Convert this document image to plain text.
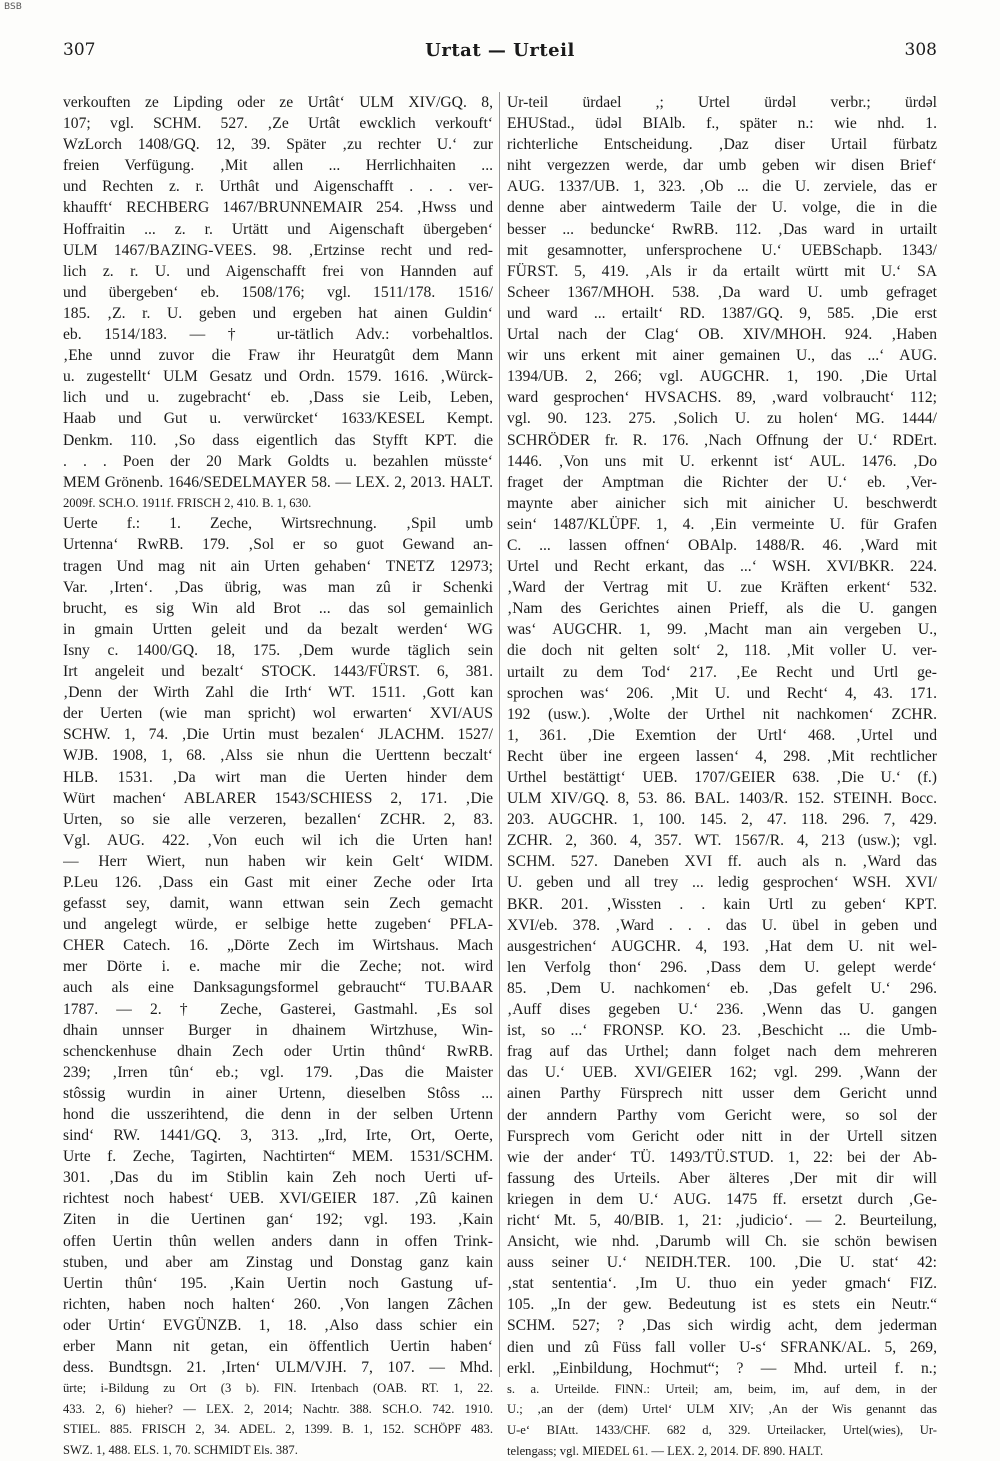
BSB
307	Urtat — Urteil	308
verkouften ze Lipding oder ze Urtât‘ ULM XIV/GQ. 8,
107; vgl. SCHM. 527. ‚Ze Urtât ewcklich verkouft‘
WzLorch 1408/GQ. 12, 39. Später ‚zu rechter U.‘ zur
freien Verfügung. ‚Mit allen ... Herrlichhaiten ...
und Rechten z. r. Urthât und Aigenschafft . . . ver-
khaufft‘ RECHBERG 1467/BRUNNEMAIR 254. ‚Hwss und
Hoffraitin ... z. r. Urtätt und Aigenschaft übergeben‘
ULM 1467/BAZING-VEES. 98. ‚Ertzinse recht und red-
lich z. r. U. und Aigenschafft frei von Hannden auf
und übergeben‘ eb. 1508/176; vgl. 1511/178. 1516/
185. ‚Z. r. U. geben und ergeben hat ainen Guldin‘
eb. 1514/183. — † ur-tätlich Adv.: vorbehaltlos.
‚Ehe unnd zuvor die Fraw ihr Heuratgût dem Mann
u. zugestellt‘ ULM Gesatz und Ordn. 1579. 1616. ‚Würck-
lich und u. zugebracht‘ eb. ‚Dass sie Leib, Leben,
Haab und Gut u. verwürcket‘ 1633/KESEL Kempt.
Denkm. 110. ‚So dass eigentlich das Styfft KPT. die
. . . Poen der 20 Mark Goldts u. bezahlen müsste‘
MEM Grönenb. 1646/SEDELMAYER 58. — LEX. 2, 2013. HALT.
2009f. SCH.O. 1911f. FRISCH 2, 410. B. 1, 630.
Uerte f.: 1. Zeche, Wirtsrechnung. ‚Spil umb
Urtenna‘ RwRB. 179. ‚Sol er so guot Gewand an-
tragen Und mag nit ain Urten gehaben‘ TNETZ 12973;
Var. ‚Irten‘. ‚Das übrig, was man zû ir Schenki
brucht, es sig Win ald Brot ... das sol gemainlich
in gmain Urtten geleit und da bezalt werden‘ WG
Isny c. 1400/GQ. 18, 175. ‚Dem wurde täglich sein
Irt angeleit und bezalt‘ STOCK. 1443/FÜRST. 6, 381.
‚Denn der Wirth Zahl die Irth‘ WT. 1511. ‚Gott kan
der Uerten (wie man spricht) wol erwarten‘ XVI/AUS
SCHW. 1, 74. ‚Die Urtin must bezalen‘ JLACHM. 1527/
WJB. 1908, 1, 68. ‚Alss sie nhun die Uerttenn beczalt‘
HLB. 1531. ‚Da wirt man die Uerten hinder dem
Würt machen‘ ABLARER 1543/SCHIESS 2, 171. ‚Die
Urten, so sie alle verzeren, bezallen‘ ZCHR. 2, 83.
Vgl. AUG. 422. ‚Von euch wil ich die Urten han!
— Herr Wiert, nun haben wir kein Gelt‘ WIDM.
P.Leu 126. ‚Dass ein Gast mit einer Zeche oder Irta
gefasst sey, damit, wann ettwan sein Zech gemacht
und angelegt würde, er selbige hette zugeben‘ PFLA-
CHER Catech. 16. „Dörte Zech im Wirtshaus. Mach
mer Dörte i. e. mache mir die Zeche; not. wird
auch als eine Danksagungsformel gebraucht“ TU.BAAR
1787. — 2. † Zeche, Gasterei, Gastmahl. ‚Es sol
dhain unnser Burger in dhainem Wirtzhuse, Win-
schenckenhuse dhain Zech oder Urtin thûnd‘ RwRB.
239; ‚Irren tûn‘ eb.; vgl. 179. ‚Das die Maister
stôssig wurdin in ainer Urtenn, dieselben Stôss ...
hond die usszerihtend, die denn in der selben Urtenn
sind‘ RW. 1441/GQ. 3, 313. „Ird, Irte, Ort, Oerte,
Urte f. Zeche, Tagirten, Nachtirten“ MEM. 1531/SCHM.
301. ‚Das du im Stiblin kain Zeh noch Uerti uf-
richtest noch habest‘ UEB. XVI/GEIER 187. ‚Zû kainen
Ziten in die Uertinen gan‘ 192; vgl. 193. ‚Kain
offen Uertin thûn wellen anders dann in offen Trink-
stuben, und aber am Zinstag und Donstag ganz kain
Uertin thûn‘ 195. ‚Kain Uertin noch Gastung uf-
richten, haben noch halten‘ 260. ‚Von langen Zâchen
oder Urtin‘ EVGÜNZB. 1, 18. ‚Also dass schier ein
erber Mann nit getan, ein öffentlich Uertin haben‘
dess. Bundtsgn. 21. ‚Irten‘ ULM/VJH. 7, 107. — Mhd.
ürte; i-Bildung zu Ort (3 b). FlN. Irtenbach (OAB. RT. 1, 22.
433. 2, 6) hieher? — LEX. 2, 2014; Nachtr. 388. SCH.O. 742. 1910.
STIEL. 885. FRISCH 2, 34. ADEL. 2, 1399. B. 1, 152. SCHÖPF 483.
SWZ. 1, 488. ELS. 1, 70. SCHMIDT Els. 387.
Ur-teil ürdael ,; Urtel ürdǝl verbr.; ürdǝl
EHUStad., üdǝl BIAlb. f., später n.: wie nhd. 1.
richterliche Entscheidung. ‚Daz diser Urtail fürbatz
niht vergezzen werde, dar umb geben wir disen Brief‘
AUG. 1337/UB. 1, 323. ‚Ob ... die U. zerviele, das er
denne aber aintwederm Taile der U. volge, die in die
besser ... beduncke‘ RwRB. 112. ‚Das ward in urtailt
mit gesamnotter, unfersprochene U.‘ UEBSchapb. 1343/
FÜRST. 5, 419. ‚Als ir da ertailt württ mit U.‘ SA
Scheer 1367/MHOH. 538. ‚Da ward U. umb gefraget
und ward ... ertailt‘ RD. 1387/GQ. 9, 585. ‚Die erst
Urtal nach der Clag‘ OB. XIV/MHOH. 924. ‚Haben
wir uns erkent mit ainer gemainen U., das ...‘ AUG.
1394/UB. 2, 266; vgl. AUGCHR. 1, 190. ‚Die Urtal
ward gesprochen‘ HVSACHS. 89, ‚ward volbraucht‘ 112;
vgl. 90. 123. 275. ‚Solich U. zu holen‘ MG. 1444/
SCHRÖDER fr. R. 176. ‚Nach Offnung der U.‘ RDErt.
1446. ‚Von uns mit U. erkennt ist‘ AUL. 1476. ‚Do
fraget der Amptman die Richter der U.‘ eb. ‚Ver-
maynte aber ainicher sich mit ainicher U. beschwerdt
sein‘ 1487/KLÜPF. 1, 4. ‚Ein vermeinte U. für Grafen
C. ... lassen offnen‘ OBAlp. 1488/R. 46. ‚Ward mit
Urtel und Recht erkant, das ...‘ WSH. XVI/BKR. 224.
‚Ward der Vertrag mit U. zue Kräften erkent‘ 532.
‚Nam des Gerichtes ainen Prieff, als die U. gangen
was‘ AUGCHR. 1, 99. ‚Macht man ain vergeben U.,
die doch nit gelten solt‘ 2, 118. ‚Mit voller U. ver-
urtailt zu dem Tod‘ 217. ‚Ee Recht und Urtl ge-
sprochen was‘ 206. ‚Mit U. und Recht‘ 4, 43. 171.
192 (usw.). ‚Wolte der Urthel nit nachkomen‘ ZCHR.
1, 361. ‚Die Exemtion der Urtl‘ 468. ‚Urtel und
Recht über ine ergeen lassen‘ 4, 298. ‚Mit rechtlicher
Urthel bestättigt‘ UEB. 1707/GEIER 638. ‚Die U.‘ (f.)
ULM XIV/GQ. 8, 53. 86. BAL. 1403/R. 152. STEINH. Bocc.
203. AUGCHR. 1, 100. 145. 2, 47. 118. 296. 7, 429.
ZCHR. 2, 360. 4, 357. WT. 1567/R. 4, 213 (usw.); vgl.
SCHM. 527. Daneben XVI ff. auch als n. ‚Ward das
U. geben und all trey ... ledig gesprochen‘ WSH. XVI/
BKR. 201. ‚Wissten . . kain Urtl zu geben‘ KPT.
XVI/eb. 378. ‚Ward . . . das U. übel in geben und
ausgestrichen‘ AUGCHR. 4, 193. ‚Hat dem U. nit wel-
len Verfolg thon‘ 296. ‚Dass dem U. gelept werde‘
85. ‚Dem U. nachkomen‘ eb. ‚Das gefelt U.‘ 296.
‚Auff dises gegeben U.‘ 236. ‚Wenn das U. gangen
ist, so ...‘ FRONSP. KO. 23. ‚Beschicht ... die Umb-
frag auf das Urthel; dann folget nach dem mehreren
das U.‘ UEB. XVI/GEIER 162; vgl. 299. ‚Wann der
ainen Parthy Fürsprech nitt usser dem Gericht unnd
der anndern Parthy vom Gericht were, so sol der
Fursprech vom Gericht oder nitt in der Urtell sitzen
wie der ander‘ TÜ. 1493/TÜ.STUD. 1, 22: bei der Ab-
fassung des Urteils. Aber älteres ‚Der mit dir will
kriegen in dem U.‘ AUG. 1475 ff. ersetzt durch ‚Ge-
richt‘ Mt. 5, 40/BIB. 1, 21: ‚judicio‘. — 2. Beurteilung,
Ansicht, wie nhd. ‚Darumb will Ch. sie schön bewisen
auss seiner U.‘ NEIDH.TER. 100. ‚Die U. stat‘ 42:
‚stat sententia‘. ‚Im U. thuo ein yeder gmach‘ FIZ.
105. „In der gew. Bedeutung ist es stets ein Neutr.“
SCHM. 527; ? ‚Das sich wirdig acht, dem jederman
dien und zû Füss fall voller U-s‘ SFRANK/AL. 5, 269,
erkl. „Einbildung, Hochmut“; ? — Mhd. urteil f. n.;
s. a. Urteilde. FlNN.: Urteil; am, beim, im, auf dem, in der
U.; ‚an der (dem) Urtel‘ ULM XIV; ‚An der Wis genannt das
U-e‘ BIAtt. 1433/CHF. 682 d, 329. Urteilacker, Urtel(wies), Ur-
telengass; vgl. MIEDEL 61. — LEX. 2, 2014. DF. 890. HALT.
